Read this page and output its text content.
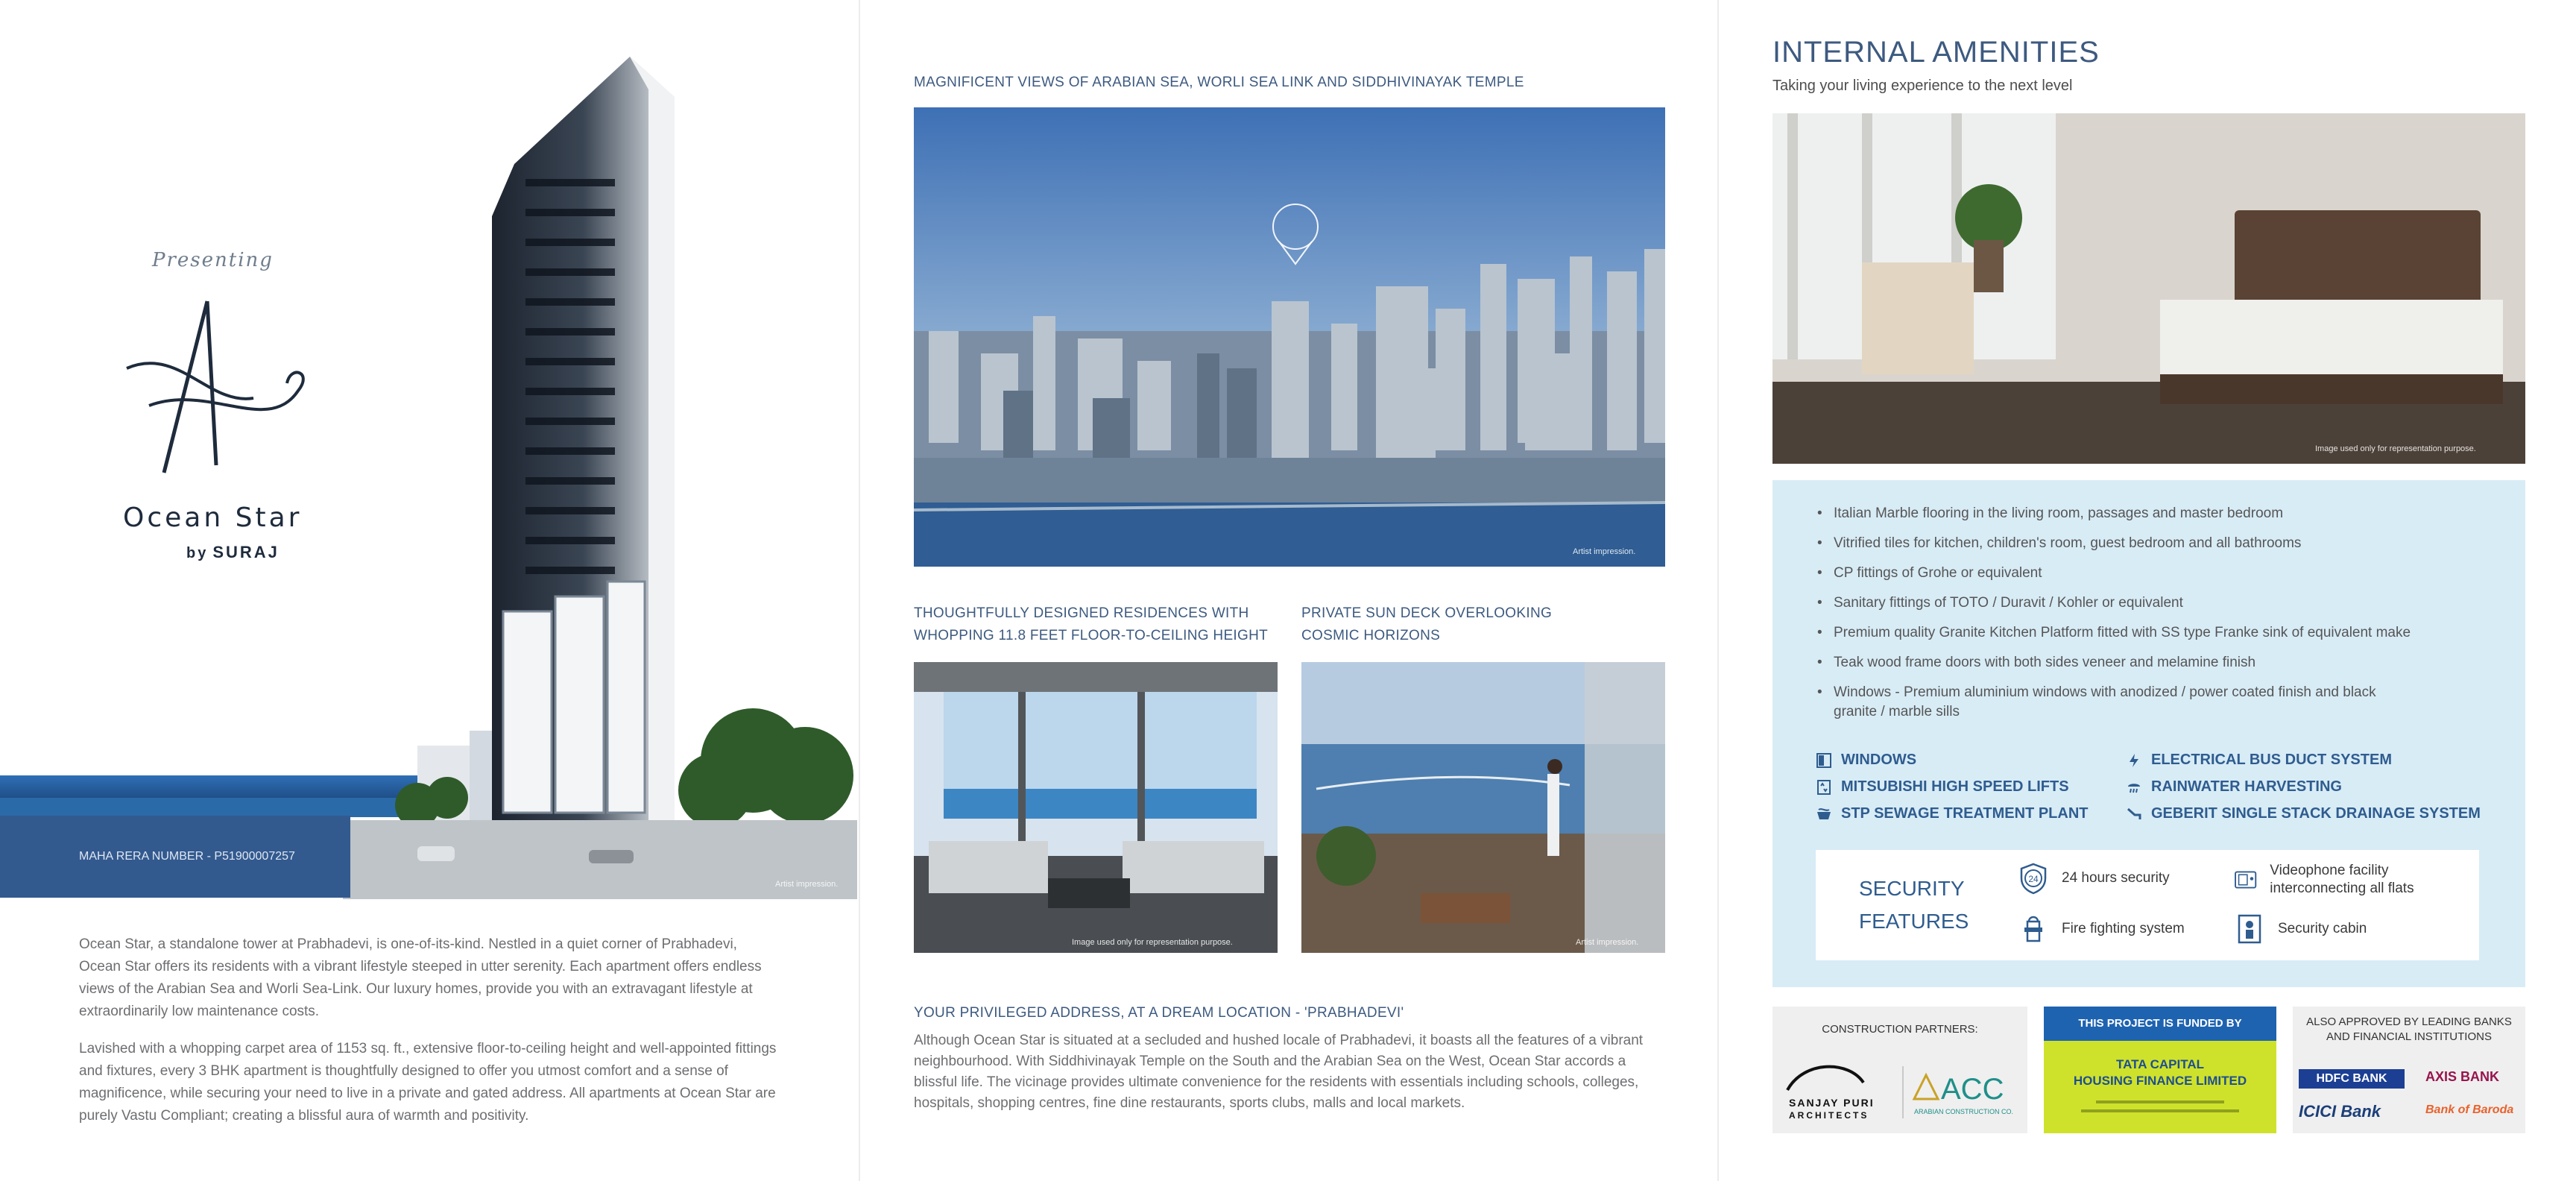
Presenting
Ocean Star
by SURAJ
MAHA RERA NUMBER - P51900007257
Artist impression.

Ocean Star, a standalone tower at Prabhadevi, is one-of-its-kind. Nestled in a quiet corner of Prabhadevi, Ocean Star offers its residents with a vibrant lifestyle steeped in utter serenity. Each apartment offers endless views of the Arabian Sea and Worli Sea-Link. Our luxury homes, provide you with an extravagant lifestyle at extraordinarily low maintenance costs.

Lavished with a whopping carpet area of 1153 sq. ft., extensive floor-to-ceiling height and well-appointed fittings and fixtures, every 3 BHK apartment is thoughtfully designed to offer you utmost comfort and a sense of magnificence, while securing your need to live in a private and gated address. All apartments at Ocean Star are purely Vastu Compliant; creating a blissful aura of warmth and positivity.

MAGNIFICENT VIEWS OF ARABIAN SEA, WORLI SEA LINK AND SIDDHIVINAYAK TEMPLE
Artist impression.
THOUGHTFULLY DESIGNED RESIDENCES WITH
WHOPPING 11.8 FEET FLOOR-TO-CEILING HEIGHT
PRIVATE SUN DECK OVERLOOKING
COSMIC HORIZONS
Image used only for representation purpose.	Artist impression.
YOUR PRIVILEGED ADDRESS, AT A DREAM LOCATION - 'PRABHADEVI'

Although Ocean Star is situated at a secluded and hushed locale of Prabhadevi, it boasts all the features of a vibrant neighbourhood. With Siddhivinayak Temple on the South and the Arabian Sea on the West, Ocean Star accords a blissful life. The vicinage provides ultimate convenience for the residents with essentials including schools, colleges, hospitals, shopping centres, fine dine restaurants, sports clubs, malls and local markets.

INTERNAL AMENITIES
Taking your living experience to the next level
Image used only for representation purpose.
• Italian Marble flooring in the living room, passages and master bedroom
• Vitrified tiles for kitchen, children's room, guest bedroom and all bathrooms
• CP fittings of Grohe or equivalent
• Sanitary fittings of TOTO / Duravit / Kohler or equivalent
• Premium quality Granite Kitchen Platform fitted with SS type Franke sink of equivalent make
• Teak wood frame doors with both sides veneer and melamine finish
• Windows - Premium aluminium windows with anodized / power coated finish and black granite / marble sills
WINDOWS
MITSUBISHI HIGH SPEED LIFTS
STP SEWAGE TREATMENT PLANT
ELECTRICAL BUS DUCT SYSTEM
RAINWATER HARVESTING
GEBERIT SINGLE STACK DRAINAGE SYSTEM
SECURITY
FEATURES
24 24 hours security	Videophone facility interconnecting all flats
Fire fighting system	Security cabin
CONSTRUCTION PARTNERS:
SANJAY PURI
ARCHITECTS
ACC
ARABIAN CONSTRUCTION CO.
THIS PROJECT IS FUNDED BY
TATA CAPITAL
HOUSING FINANCE LIMITED
ALSO APPROVED BY LEADING BANKS
AND FINANCIAL INSTITUTIONS
HDFC BANK	AXIS BANK
ICICI Bank	Bank of Baroda
